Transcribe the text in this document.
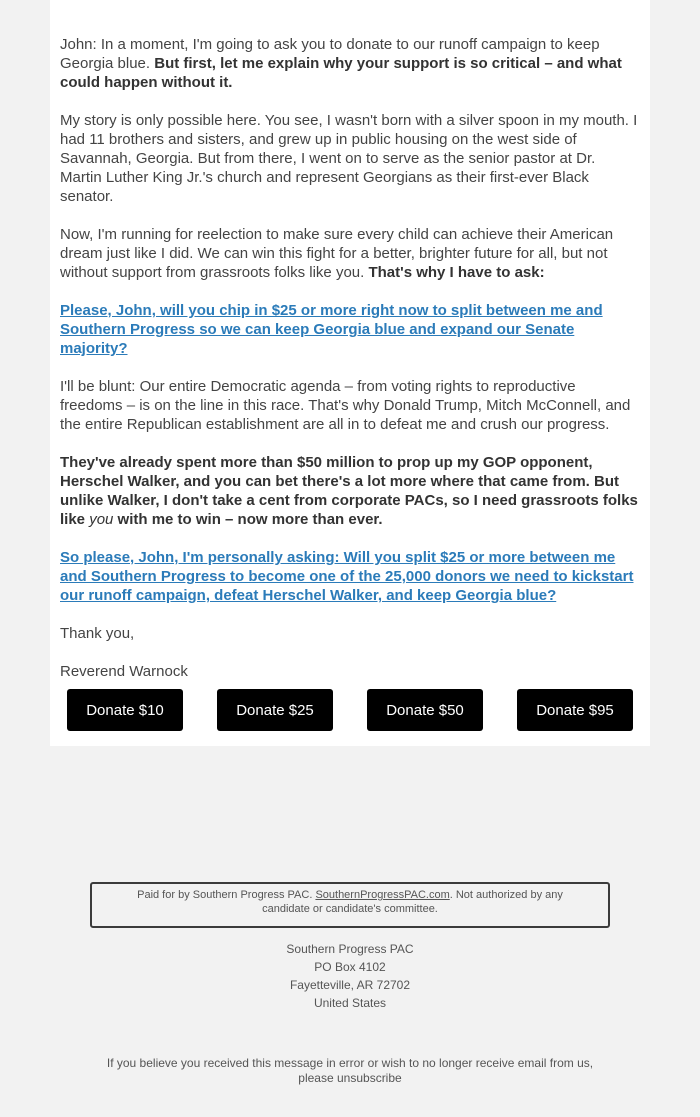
John: In a moment, I'm going to ask you to donate to our runoff campaign to keep Georgia blue. But first, let me explain why your support is so critical – and what could happen without it.

My story is only possible here. You see, I wasn't born with a silver spoon in my mouth. I had 11 brothers and sisters, and grew up in public housing on the west side of Savannah, Georgia. But from there, I went on to serve as the senior pastor at Dr. Martin Luther King Jr.'s church and represent Georgians as their first-ever Black senator.

Now, I'm running for reelection to make sure every child can achieve their American dream just like I did. We can win this fight for a better, brighter future for all, but not without support from grassroots folks like you. That's why I have to ask:

Please, John, will you chip in $25 or more right now to split between me and Southern Progress so we can keep Georgia blue and expand our Senate majority?

I'll be blunt: Our entire Democratic agenda – from voting rights to reproductive freedoms – is on the line in this race. That's why Donald Trump, Mitch McConnell, and the entire Republican establishment are all in to defeat me and crush our progress.

They've already spent more than $50 million to prop up my GOP opponent, Herschel Walker, and you can bet there's a lot more where that came from. But unlike Walker, I don't take a cent from corporate PACs, so I need grassroots folks like you with me to win – now more than ever.

So please, John, I'm personally asking: Will you split $25 or more between me and Southern Progress to become one of the 25,000 donors we need to kickstart our runoff campaign, defeat Herschel Walker, and keep Georgia blue?

Thank you,

Reverend Warnock

Donate $10	Donate $25	Donate $50	Donate $95
Paid for by Southern Progress PAC. SouthernProgressPAC.com. Not authorized by any candidate or candidate's committee.
Southern Progress PAC
PO Box 4102
Fayetteville, AR 72702
United States
If you believe you received this message in error or wish to no longer receive email from us, please unsubscribe
